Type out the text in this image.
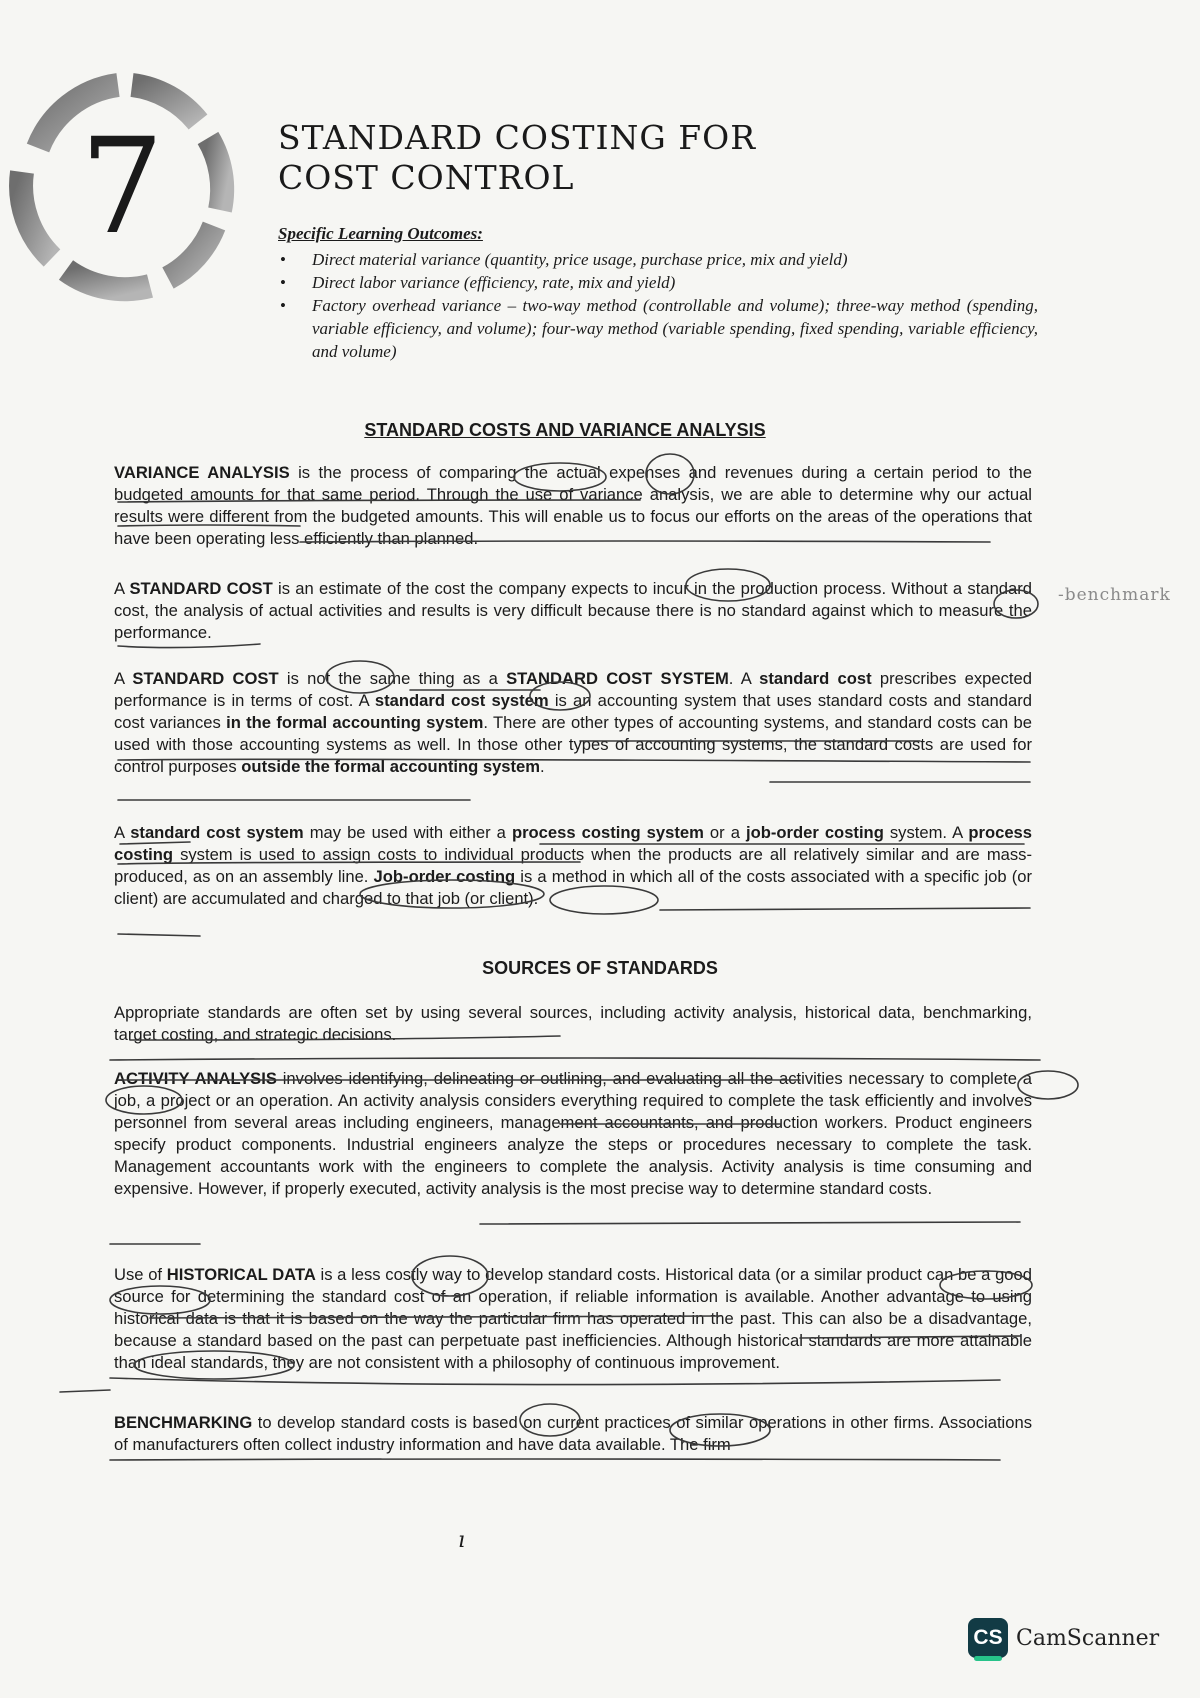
7	STANDARD COSTING FOR
COST CONTROL
Specific Learning Outcomes:
• Direct material variance (quantity, price usage, purchase price, mix and yield)
• Direct labor variance (efficiency, rate, mix and yield)
• Factory overhead variance – two-way method (controllable and volume); three-way method (spending, variable efficiency, and volume); four-way method (variable spending, fixed spending, variable efficiency, and volume)
STANDARD COSTS AND VARIANCE ANALYSIS
VARIANCE ANALYSIS is the process of comparing the actual expenses and revenues during a certain period to the budgeted amounts for that same period. Through the use of variance analysis, we are able to determine why our actual results were different from the budgeted amounts. This will enable us to focus our efforts on the areas of the operations that have been operating less efficiently than planned.
A STANDARD COST is an estimate of the cost the company expects to incur in the production process. Without a standard cost, the analysis of actual activities and results is very difficult because there is no standard against which to measure the performance.
A STANDARD COST is not the same thing as a STANDARD COST SYSTEM. A standard cost prescribes expected performance is in terms of cost. A standard cost system is an accounting system that uses standard costs and standard cost variances in the formal accounting system. There are other types of accounting systems, and standard costs can be used with those accounting systems as well. In those other types of accounting systems, the standard costs are used for control purposes outside the formal accounting system.
A standard cost system may be used with either a process costing system or a job-order costing system. A process costing system is used to assign costs to individual products when the products are all relatively similar and are mass-produced, as on an assembly line. Job-order costing is a method in which all of the costs associated with a specific job (or client) are accumulated and charged to that job (or client).
SOURCES OF STANDARDS
Appropriate standards are often set by using several sources, including activity analysis, historical data, benchmarking, target costing, and strategic decisions.
ACTIVITY ANALYSIS involves identifying, delineating or outlining, and evaluating all the activities necessary to complete a job, a project or an operation. An activity analysis considers everything required to complete the task efficiently and involves personnel from several areas including engineers, management accountants, and production workers. Product engineers specify product components. Industrial engineers analyze the steps or procedures necessary to complete the task. Management accountants work with the engineers to complete the analysis. Activity analysis is time consuming and expensive. However, if properly executed, activity analysis is the most precise way to determine standard costs.
Use of HISTORICAL DATA is a less costly way to develop standard costs. Historical data (or a similar product can be a good source for determining the standard cost of an operation, if reliable information is available. Another advantage to using historical data is that it is based on the way the particular firm has operated in the past. This can also be a disadvantage, because a standard based on the past can perpetuate past inefficiencies. Although historical standards are more attainable than ideal standards, they are not consistent with a philosophy of continuous improvement.
BENCHMARKING to develop standard costs is based on current practices of similar operations in other firms. Associations of manufacturers often collect industry information and have data available. The firm
-benchmark
ı
CS CamScanner
